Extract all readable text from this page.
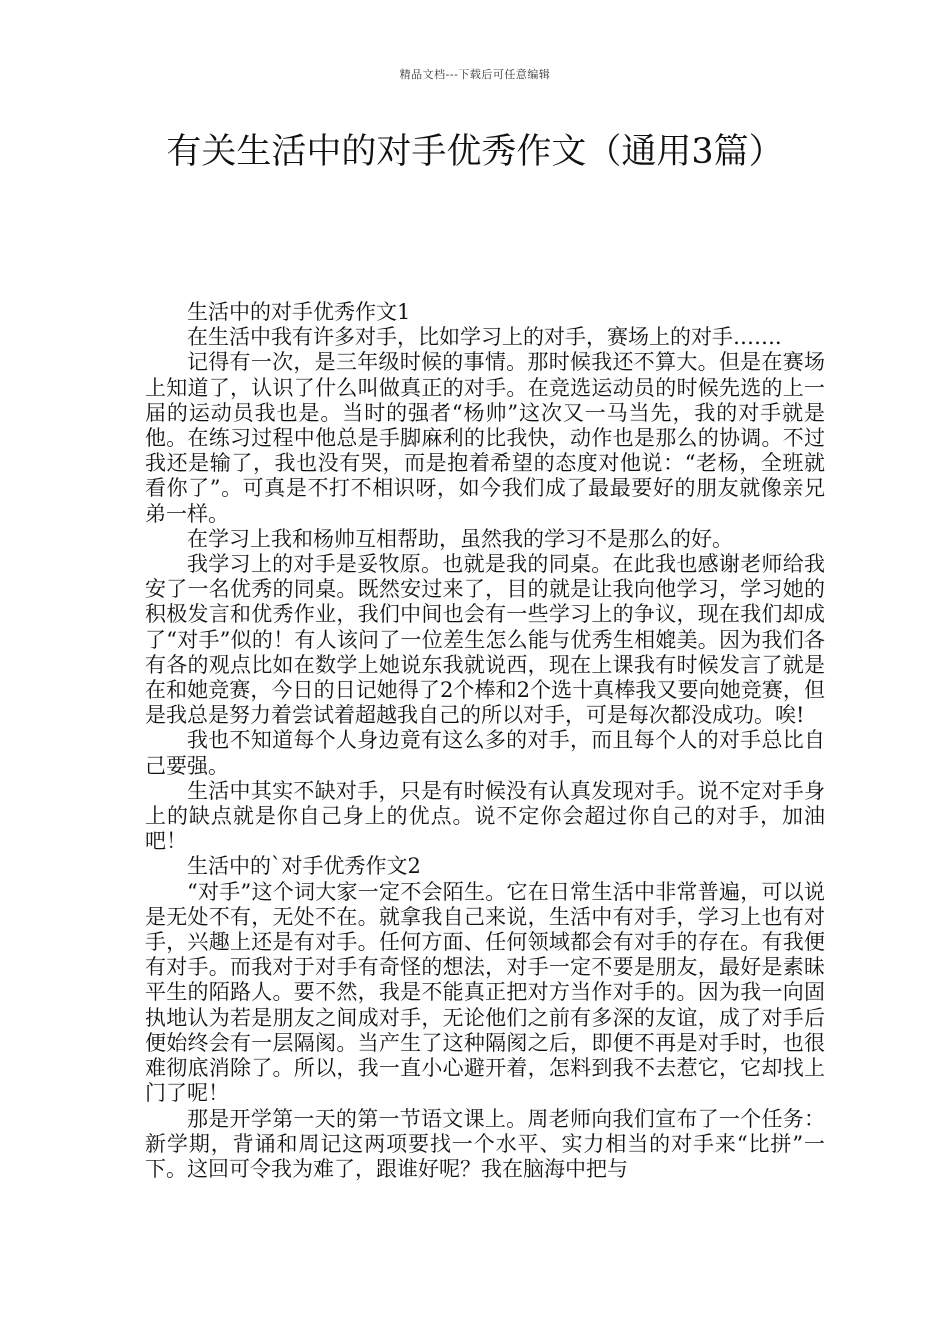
精品文档---下载后可任意编辑
有关生活中的对手优秀作文（通用3篇）

生活中的对手优秀作文1

在生活中我有许多对手，比如学习上的对手，赛场上的对手……．

记得有一次，是三年级时候的事情。那时候我还不算大。但是在赛场上知道了，认识了什么叫做真正的对手。在竞选运动员的时候先选的上一届的运动员我也是。当时的强者“杨帅”这次又一马当先，我的对手就是他。在练习过程中他总是手脚麻利的比我快，动作也是那么的协调。不过我还是输了，我也没有哭，而是抱着希望的态度对他说：“老杨，全班就看你了”。可真是不打不相识呀，如今我们成了最最要好的朋友就像亲兄弟一样。

在学习上我和杨帅互相帮助，虽然我的学习不是那么的好。

我学习上的对手是妥牧原。也就是我的同桌。在此我也感谢老师给我安了一名优秀的同桌。既然安过来了，目的就是让我向他学习，学习她的积极发言和优秀作业，我们中间也会有一些学习上的争议，现在我们却成了“对手”似的！有人该问了一位差生怎么能与优秀生相媲美。因为我们各有各的观点比如在数学上她说东我就说西，现在上课我有时候发言了就是在和她竞赛，今日的日记她得了2个棒和2个选十真棒我又要向她竞赛，但是我总是努力着尝试着超越我自己的所以对手，可是每次都没成功。唉!

我也不知道每个人身边竟有这么多的对手，而且每个人的对手总比自己要强。

生活中其实不缺对手，只是有时候没有认真发现对手。说不定对手身上的缺点就是你自己身上的优点。说不定你会超过你自己的对手，加油吧！

生活中的`对手优秀作文2

“对手”这个词大家一定不会陌生。它在日常生活中非常普遍，可以说是无处不有，无处不在。就拿我自己来说，生活中有对手，学习上也有对手，兴趣上还是有对手。任何方面、任何领域都会有对手的存在。有我便有对手。而我对于对手有奇怪的想法，对手一定不要是朋友，最好是素昧平生的陌路人。要不然，我是不能真正把对方当作对手的。因为我一向固执地认为若是朋友之间成对手，无论他们之前有多深的友谊，成了对手后便始终会有一层隔阂。当产生了这种隔阂之后，即便不再是对手时，也很难彻底消除了。所以，我一直小心避开着，怎料到我不去惹它，它却找上门了呢！

那是开学第一天的第一节语文课上。周老师向我们宣布了一个任务：新学期，背诵和周记这两项要找一个水平、实力相当的对手来“比拼”一下。这回可令我为难了，跟谁好呢？我在脑海中把与
